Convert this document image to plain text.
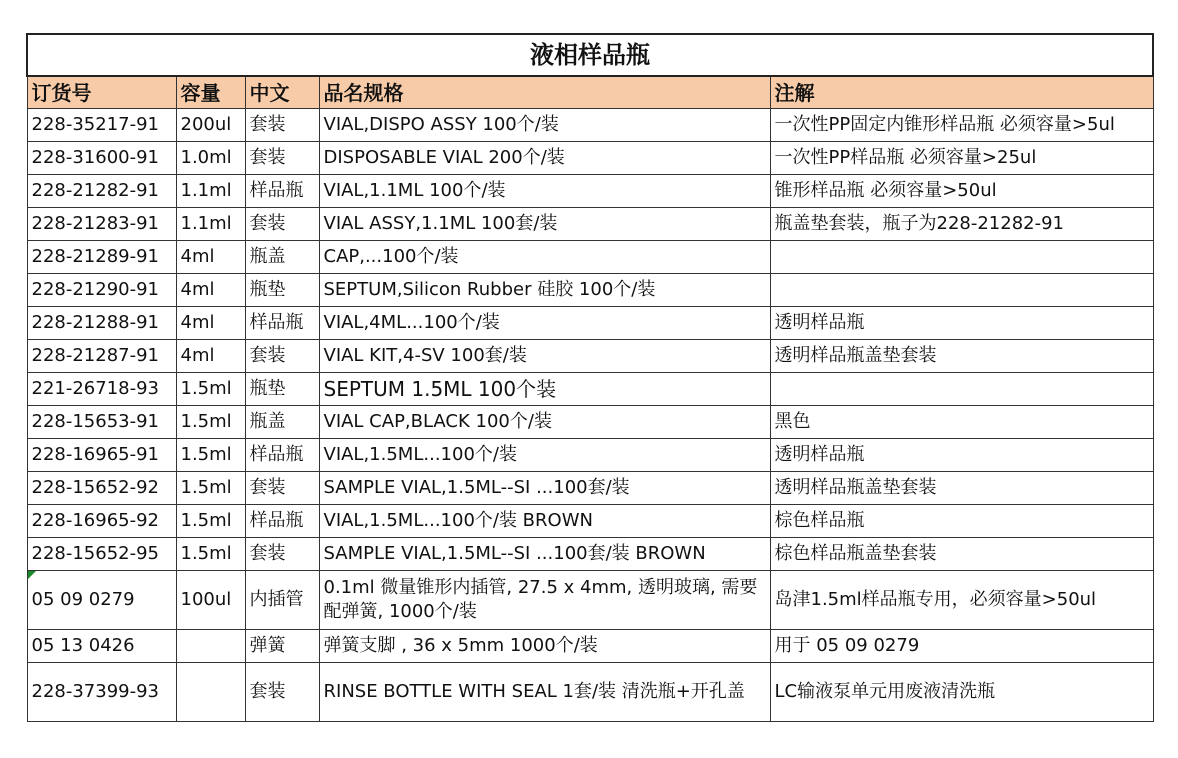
液相样品瓶				
订货号	容量	中文	品名规格	注解
228-35217-91	200ul	套装	VIAL,DISPO ASSY 100个/装	一次性PP固定内锥形样品瓶 必须容量>5ul
228-31600-91	1.0ml	套装	DISPOSABLE VIAL 200个/装	一次性PP样品瓶 必须容量>25ul
228-21282-91	1.1ml	样品瓶	VIAL,1.1ML 100个/装	锥形样品瓶 必须容量>50ul
228-21283-91	1.1ml	套装	VIAL ASSY,1.1ML 100套/装	瓶盖垫套装，瓶子为228-21282-91
228-21289-91	4ml	瓶盖	CAP,...100个/装	
228-21290-91	4ml	瓶垫	SEPTUM,Silicon Rubber 硅胶 100个/装	
228-21288-91	4ml	样品瓶	VIAL,4ML...100个/装	透明样品瓶
228-21287-91	4ml	套装	VIAL KIT,4-SV 100套/装	透明样品瓶盖垫套装
221-26718-93	1.5ml	瓶垫	SEPTUM 1.5ML 100个装	
228-15653-91	1.5ml	瓶盖	VIAL CAP,BLACK 100个/装	黑色
228-16965-91	1.5ml	样品瓶	VIAL,1.5ML...100个/装	透明样品瓶
228-15652-92	1.5ml	套装	SAMPLE VIAL,1.5ML--SI ...100套/装	透明样品瓶盖垫套装
228-16965-92	1.5ml	样品瓶	VIAL,1.5ML...100个/装 BROWN	棕色样品瓶
228-15652-95	1.5ml	套装	SAMPLE VIAL,1.5ML--SI ...100套/装 BROWN	棕色样品瓶盖垫套装

05 09 0279	100ul	内插管	0.1ml 微量锥形内插管, 27.5 x 4mm, 透明玻璃, 需要配弹簧, 1000个/装	岛津1.5ml样品瓶专用，必须容量>50ul
05 13 0426		弹簧	弹簧支脚 , 36 x 5mm 1000个/装	用于 05 09 0279
228-37399-93		套装	RINSE BOTTLE WITH SEAL 1套/装 清洗瓶+开孔盖	LC输液泵单元用废液清洗瓶
